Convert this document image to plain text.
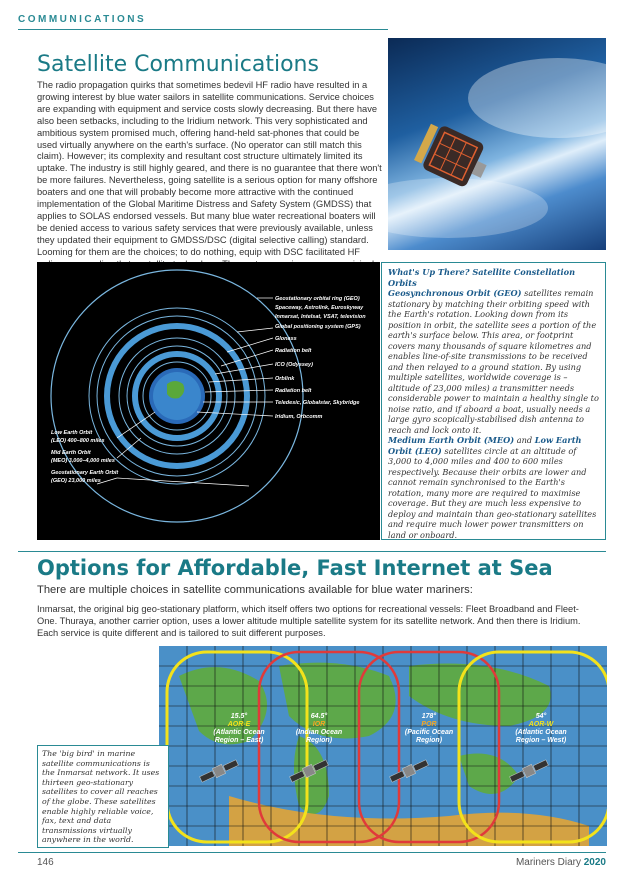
COMMUNICATIONS
Satellite Communications

The radio propagation quirks that sometimes bedevil HF radio have resulted in a growing interest by blue water sailors in satellite communications. Service choices are expanding with equipment and service costs slowly decreasing. But there have also been setbacks, including to the Iridium network. This very sophisticated and ambitious system promised much, offering hand-held sat-phones that could be used virtually anywhere on the earth's surface. (No operator can still match this claim). However; its complexity and resultant cost structure ultimately limited its uptake. The industry is still highly geared, and there is no guarantee that there won't be more failures. Nevertheless, going satellite is a serious option for many offshore boaters and one that will probably become more attractive with the continued implementation of the Global Maritime Distress and Safety System (GMDSS) that applies to SOLAS endorsed vessels. But many blue water recreational boaters will be denied access to various safety services that were previously available, unless they updated their equipment to GMDSS/DSC (digital selective calling) standard. Looming for them are the choices; to do nothing, equip with DSC facilitated HF

Geostationary orbital ring (GEO)
Spaceway, Astrolink, Euroskyway
Inmarsat, Intelsat, VSAT, television
Global positioning system (GPS)
Glonass
Radiation belt
ICO (Odyssey)
Orblink
Radiation belt
Teledesic, Globalstar, Skybridge
Iridium, Orbcomm
Low Earth Orbit
(LEO) 400–800 miles
Mid Earth Orbit
(MEO) 3,000–4,000 miles
Geostationary Earth Orbit
(GEO) 23,000 miles
What's Up There? Satellite Constellation Orbits
Geosynchronous Orbit (GEO) satellites remain stationary by matching their orbiting speed with the Earth's rotation. Looking down from its position in orbit, the satellite sees a portion of the earth's surface below. This area, or footprint covers many thousands of square kilometres and enables line-of-site transmissions to be received and then relayed to a ground station. By using multiple satellites, worldwide coverage is –altitude of 23,000 miles) a transmitter needs considerable power to maintain a healthy single to noise ratio, and if aboard a boat, usually needs a large gyro scopically-stabilised dish antenna to reach and lock onto it.
Medium Earth Orbit (MEO) and Low Earth Orbit (LEO) satellites circle at an altitude of 3,000 to 4,000 miles and 400 to 600 miles respectively. Because their orbits are lower and cannot remain synchronised to the Earth's rotation, many more are required to maximise coverage. But they are much less expensive to deploy and maintain than geo-stationary satellites and require much lower power transmitters on land or onboard.
Options for Affordable, Fast Internet at Sea
There are multiple choices in satellite communications available for blue water mariners:

Inmarsat, the original big geo-stationary platform, which itself offers two options for recreational vessels: Fleet Broadband and Fleet-One. Thuraya, another carrier option, uses a lower altitude multiple satellite system for its satellite network. And then there is Iridium. Each service is quite different and is tailored to suit different purposes.

15.5°
AOR-E
(Atlantic Ocean
Region – East)
64.5°
IOR
(Indian Ocean
Region)
178°
POR
(Pacific Ocean
Region)
54°
AOR-W
(Atlantic Ocean
Region – West)
The 'big bird' in marine satellite communications is the Inmarsat network. It uses thirteen geo-stationary satellites to cover all reaches of the globe. These satellites enable highly reliable voice, fax, text and data transmissions virtually anywhere in the world.
146	Mariners Diary 2020
